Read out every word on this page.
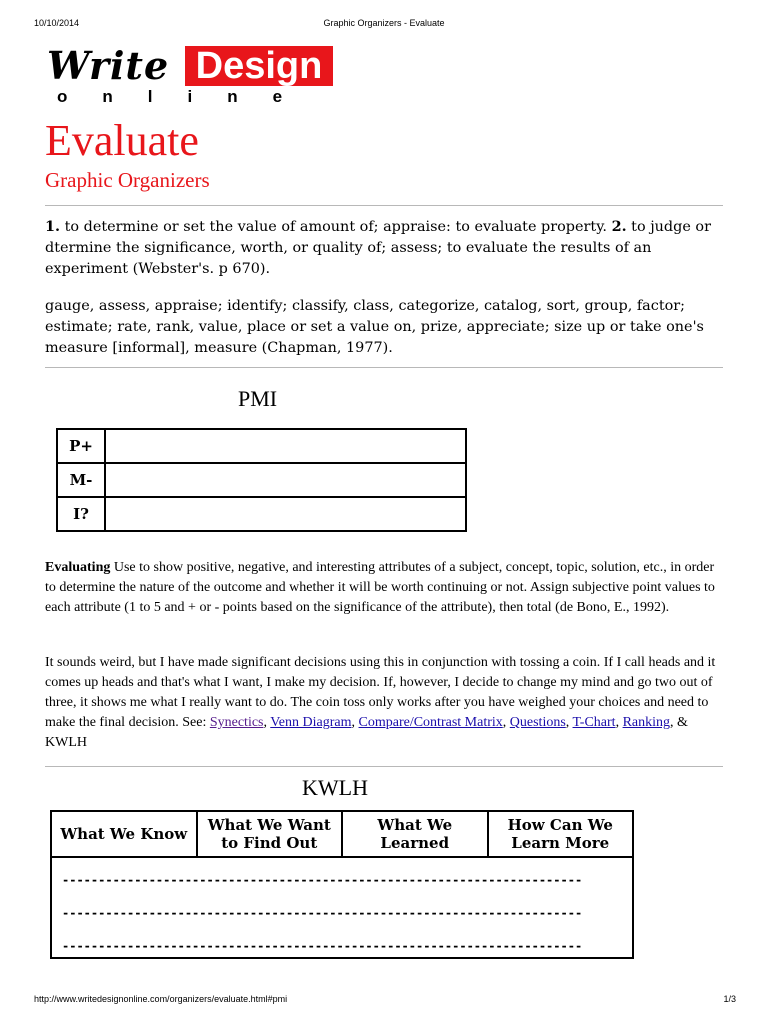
10/10/2014	Graphic Organizers - Evaluate
Write Design
online
Evaluate
Graphic Organizers

1. to determine or set the value of amount of; appraise: to evaluate property. 2. to judge or dtermine the significance, worth, or quality of; assess; to evaluate the results of an experiment (Webster's. p 670).

gauge, assess, appraise; identify; classify, class, categorize, catalog, sort, group, factor; estimate; rate, rank, value, place or set a value on, prize, appreciate; size up or take one's measure [informal], measure (Chapman, 1977).

PMI
P+	
M-	
I?	

Evaluating Use to show positive, negative, and interesting attributes of a subject, concept, topic, solution, etc., in order to determine the nature of the outcome and whether it will be worth continuing or not. Assign subjective point values to each attribute (1 to 5 and + or - points based on the significance of the attribute), then total (de Bono, E., 1992).

It sounds weird, but I have made significant decisions using this in conjunction with tossing a coin. If I call heads and it comes up heads and that's what I want, I make my decision. If, however, I decide to change my mind and go two out of three, it shows me what I really want to do. The coin toss only works after you have weighed your choices and need to make the final decision. See: Synectics, Venn Diagram, Compare/Contrast Matrix, Questions, T-Chart, Ranking, & KWLH

KWLH
What We Know	What We Want to Find Out	What We Learned	How Can We Learn More

------------------------------------------------------------------------

------------------------------------------------------------------------

------------------------------------------------------------------------
http://www.writedesignonline.com/organizers/evaluate.html#pmi	1/3
